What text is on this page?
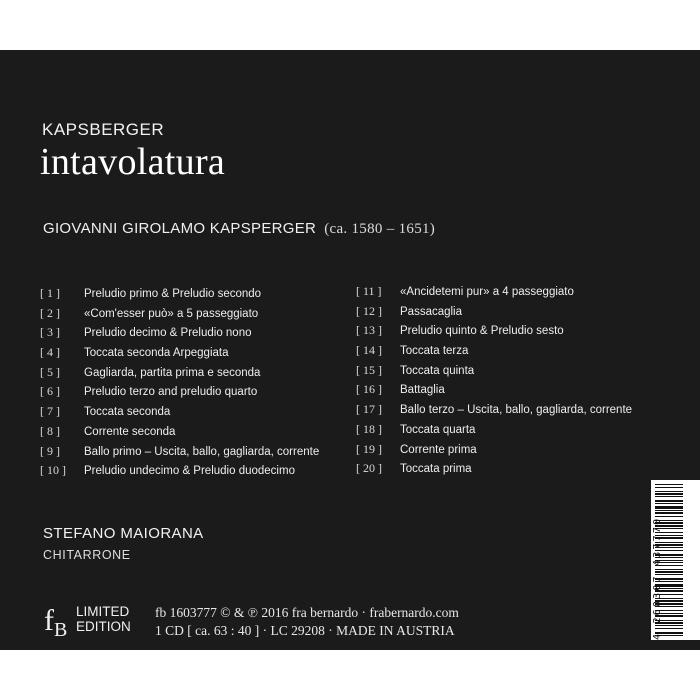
KAPSBERGER
intavolatura
GIOVANNI GIROLAMO KAPSPERGER (ca. 1580 – 1651)
[ 1 ] Preludio primo & Preludio secondo
[ 2 ] «Com'esser può» a 5 passeggiato
[ 3 ] Preludio decimo & Preludio nono
[ 4 ] Toccata seconda Arpeggiata
[ 5 ] Gagliarda, partita prima e seconda
[ 6 ] Preludio terzo and preludio quarto
[ 7 ] Toccata seconda
[ 8 ] Corrente seconda
[ 9 ] Ballo primo – Uscita, ballo, gagliarda, corrente
[ 10 ] Preludio undecimo & Preludio duodecimo
[ 11 ] «Ancidetemi pur» a 4 passeggiato
[ 12 ] Passacaglia
[ 13 ] Preludio quinto & Preludio sesto
[ 14 ] Toccata terza
[ 15 ] Toccata quinta
[ 16 ] Battaglia
[ 17 ] Ballo terzo – Uscita, ballo, gagliarda, corrente
[ 18 ] Toccata quarta
[ 19 ] Corrente prima
[ 20 ] Toccata prima
STEFANO MAIORANA
CHITARRONE
f B
LIMITED
EDITION
fb 1603777 © & ℗ 2016 fra bernardo · frabernardo.com
1 CD [ ca. 63 : 40 ] · LC 29208 · MADE IN AUSTRIA	4 260307 437770
